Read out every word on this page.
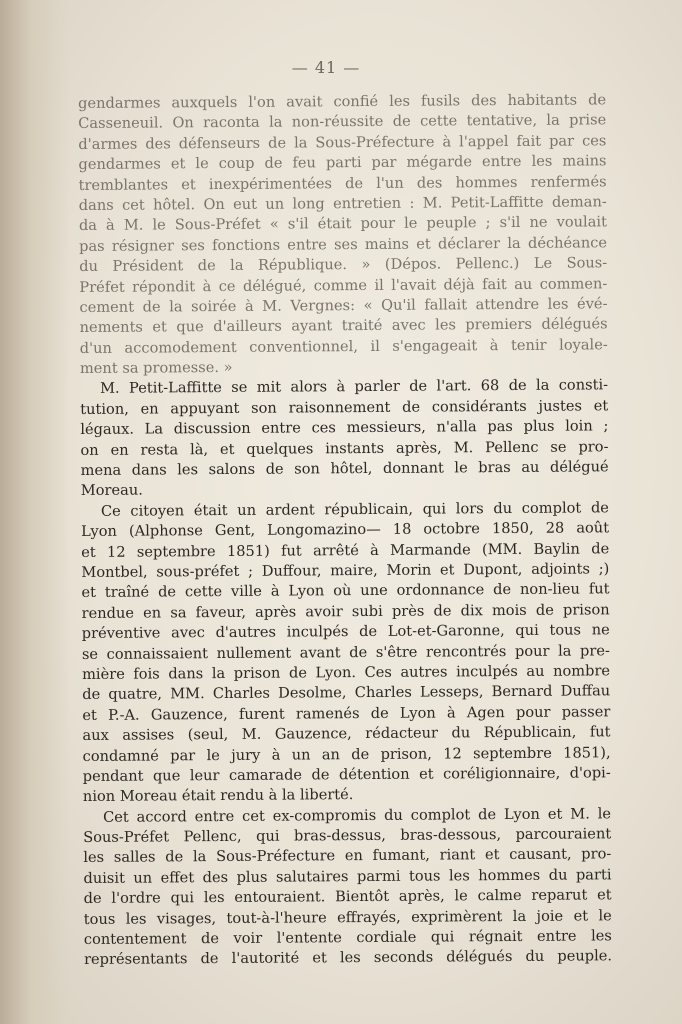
— 41 —
gendarmes auxquels l'on avait confié les fusils des habitants de
Casseneuil. On raconta la non-réussite de cette tentative, la prise
d'armes des défenseurs de la Sous-Préfecture à l'appel fait par ces
gendarmes et le coup de feu parti par mégarde entre les mains
tremblantes et inexpérimentées de l'un des hommes renfermés
dans cet hôtel. On eut un long entretien : M. Petit-Laffitte deman-
da à M. le Sous-Préfet « s'il était pour le peuple ; s'il ne voulait
pas résigner ses fonctions entre ses mains et déclarer la déchéance
du Président de la République. » (Dépos. Pellenc.) Le Sous-
Préfet répondit à ce délégué, comme il l'avait déjà fait au commen-
cement de la soirée à M. Vergnes: « Qu'il fallait attendre les évé-
nements et que d'ailleurs ayant traité avec les premiers délégués
d'un accomodement conventionnel, il s'engageait à tenir loyale-
ment sa promesse. »
M. Petit-Laffitte se mit alors à parler de l'art. 68 de la consti-
tution, en appuyant son raisonnement de considérants justes et
légaux. La discussion entre ces messieurs, n'alla pas plus loin ;
on en resta là, et quelques instants après, M. Pellenc se pro-
mena dans les salons de son hôtel, donnant le bras au délégué
Moreau.
Ce citoyen était un ardent républicain, qui lors du complot de
Lyon (Alphonse Gent, Longomazino— 18 octobre 1850, 28 août
et 12 septembre 1851) fut arrêté à Marmande (MM. Baylin de
Montbel, sous-préfet ; Duffour, maire, Morin et Dupont, adjoints ;)
et traîné de cette ville à Lyon où une ordonnance de non-lieu fut
rendue en sa faveur, après avoir subi près de dix mois de prison
préventive avec d'autres inculpés de Lot-et-Garonne, qui tous ne
se connaissaient nullement avant de s'être rencontrés pour la pre-
mière fois dans la prison de Lyon. Ces autres inculpés au nombre
de quatre, MM. Charles Desolme, Charles Lesseps, Bernard Duffau
et P.-A. Gauzence, furent ramenés de Lyon à Agen pour passer
aux assises (seul, M. Gauzence, rédacteur du Républicain, fut
condamné par le jury à un an de prison, 12 septembre 1851),
pendant que leur camarade de détention et coréligionnaire, d'opi-
nion Moreau était rendu à la liberté.
Cet accord entre cet ex-compromis du complot de Lyon et M. le
Sous-Préfet Pellenc, qui bras-dessus, bras-dessous, parcouraient
les salles de la Sous-Préfecture en fumant, riant et causant, pro-
duisit un effet des plus salutaires parmi tous les hommes du parti
de l'ordre qui les entouraient. Bientôt après, le calme reparut et
tous les visages, tout-à-l'heure effrayés, exprimèrent la joie et le
contentement de voir l'entente cordiale qui régnait entre les
représentants de l'autorité et les seconds délégués du peuple.
